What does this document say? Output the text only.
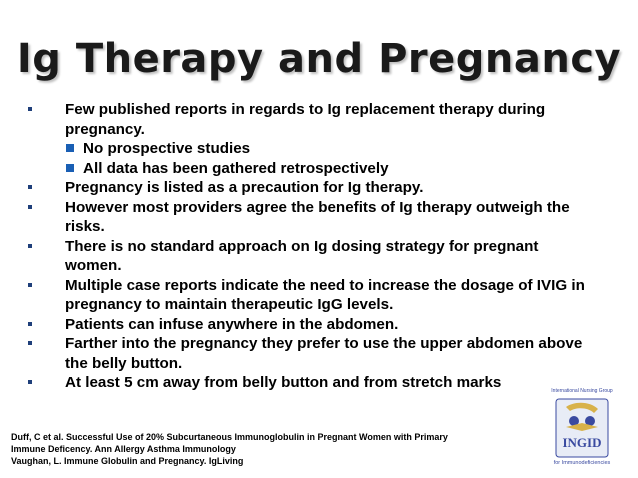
Ig Therapy and Pregnancy
Few published reports in regards to Ig replacement therapy during pregnancy.
No prospective studies
All data has been gathered retrospectively
Pregnancy is listed as a precaution for Ig therapy.
However most providers agree the benefits of Ig therapy outweigh the risks.
There is no standard approach on Ig dosing strategy for pregnant women.
Multiple case reports indicate the need to increase the dosage of IVIG in pregnancy to maintain therapeutic IgG levels.
Patients can infuse anywhere in the abdomen.
Farther into the pregnancy they prefer to use the upper abdomen above the belly button.
At least 5 cm away from belly button and from stretch marks
Duff, C et al. Successful Use of 20% Subcurtaneous Immunoglobulin in Pregnant Women with Primary
Immune Deficency. Ann Allergy Asthma Immunology
Vaughan, L. Immune Globulin and Pregnancy. IgLiving
International Nursing Group
INGID
for Immunodeficiencies
